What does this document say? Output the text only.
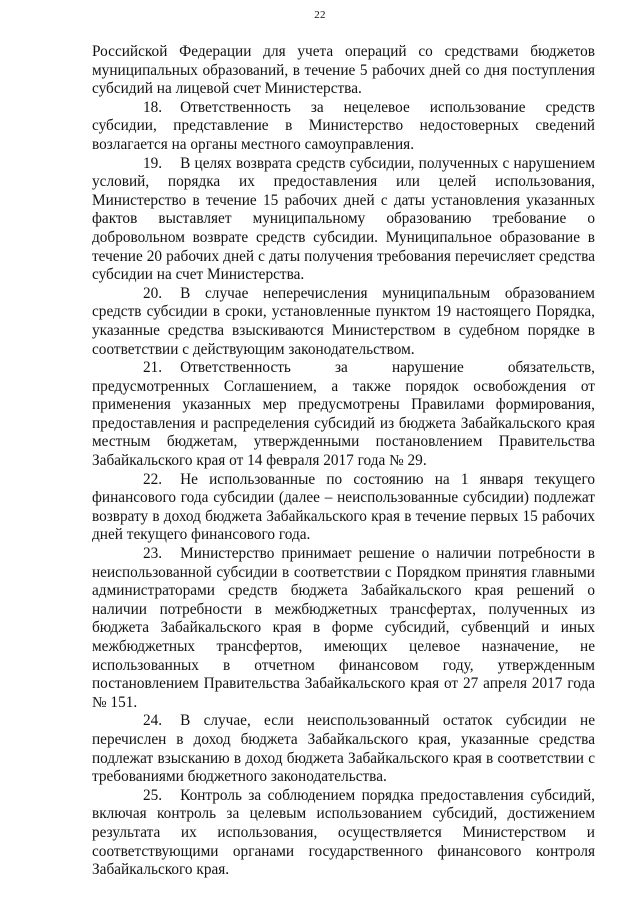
22

Российской Федерации для учета операций со средствами бюджетов муниципальных образований, в течение 5 рабочих дней со дня поступления субсидий на лицевой счет Министерства.

18. Ответственность за нецелевое использование средств субсидии, представление в Министерство недостоверных сведений возлагается на органы местного самоуправления.

19. В целях возврата средств субсидии, полученных с нарушением условий, порядка их предоставления или целей использования, Министерство в течение 15 рабочих дней с даты установления указанных фактов выставляет муниципальному образованию требование о добровольном возврате средств субсидии. Муниципальное образование в течение 20 рабочих дней с даты получения требования перечисляет средства субсидии на счет Министерства.

20. В случае неперечисления муниципальным образованием средств субсидии в сроки, установленные пунктом 19 настоящего Порядка, указанные средства взыскиваются Министерством в судебном порядке в соответствии с действующим законодательством.

21. Ответственность за нарушение обязательств, предусмотренных Соглашением, а также порядок освобождения от применения указанных мер предусмотрены Правилами формирования, предоставления и распределения субсидий из бюджета Забайкальского края местным бюджетам, утвержденными постановлением Правительства Забайкальского края от 14 февраля 2017 года № 29.

22. Не использованные по состоянию на 1 января текущего финансового года субсидии (далее – неиспользованные субсидии) подлежат возврату в доход бюджета Забайкальского края в течение первых 15 рабочих дней текущего финансового года.

23. Министерство принимает решение о наличии потребности в неиспользованной субсидии в соответствии с Порядком принятия главными администраторами средств бюджета Забайкальского края решений о наличии потребности в межбюджетных трансфертах, полученных из бюджета Забайкальского края в форме субсидий, субвенций и иных межбюджетных трансфертов, имеющих целевое назначение, не использованных в отчетном финансовом году, утвержденным постановлением Правительства Забайкальского края от 27 апреля 2017 года № 151.

24. В случае, если неиспользованный остаток субсидии не перечислен в доход бюджета Забайкальского края, указанные средства подлежат взысканию в доход бюджета Забайкальского края в соответствии с требованиями бюджетного законодательства.

25. Контроль за соблюдением порядка предоставления субсидий, включая контроль за целевым использованием субсидий, достижением результата их использования, осуществляется Министерством и соответствующими органами государственного финансового контроля Забайкальского края.
